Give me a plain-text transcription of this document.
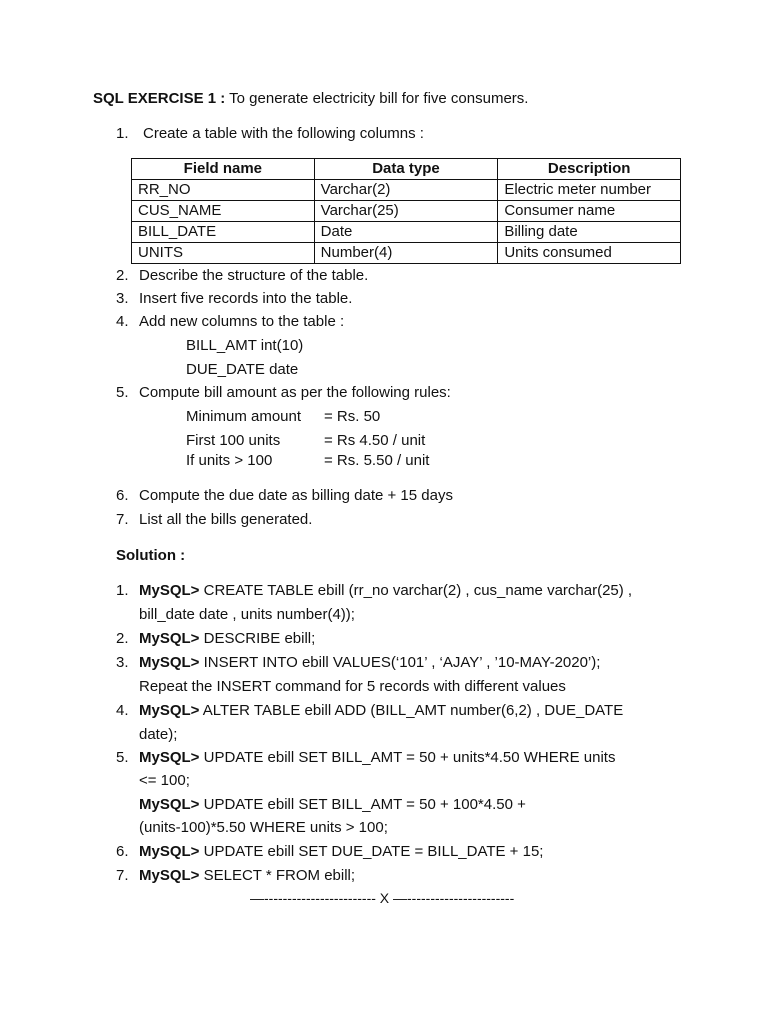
SQL EXERCISE 1 : To generate electricity bill for five consumers.
1. Create a table with the following columns :
Field name	Data type	Description
RR_NO	Varchar(2)	Electric meter number
CUS_NAME	Varchar(25)	Consumer name
BILL_DATE	Date	Billing date
UNITS	Number(4)	Units consumed
2. Describe the structure of the table.
3. Insert five records into the table.
4. Add new columns to the table :
BILL_AMT int(10)
DUE_DATE date
5. Compute bill amount as per the following rules:
Minimum amount = Rs. 50
First 100 units	= Rs 4.50 / unit
If units > 100	= Rs. 5.50 / unit
6. Compute the due date as billing date + 15 days
7. List all the bills generated.
Solution :
1. MySQL> CREATE TABLE ebill (rr_no varchar(2) , cus_name varchar(25) ,
bill_date date , units number(4));
2. MySQL> DESCRIBE ebill;
3. MySQL> INSERT INTO ebill VALUES(‘101’ , ‘AJAY’ , ’10-MAY-2020’);
Repeat the INSERT command for 5 records with different values
4. MySQL> ALTER TABLE ebill ADD (BILL_AMT number(6,2) , DUE_DATE
date);
5. MySQL> UPDATE ebill SET BILL_AMT = 50 + units*4.50 WHERE units
<= 100;
MySQL> UPDATE ebill SET BILL_AMT = 50 + 100*4.50 +
(units-100)*5.50 WHERE units > 100;
6. MySQL> UPDATE ebill SET DUE_DATE = BILL_DATE + 15;
7. MySQL> SELECT * FROM ebill;
—------------------------ X —-----------------------
